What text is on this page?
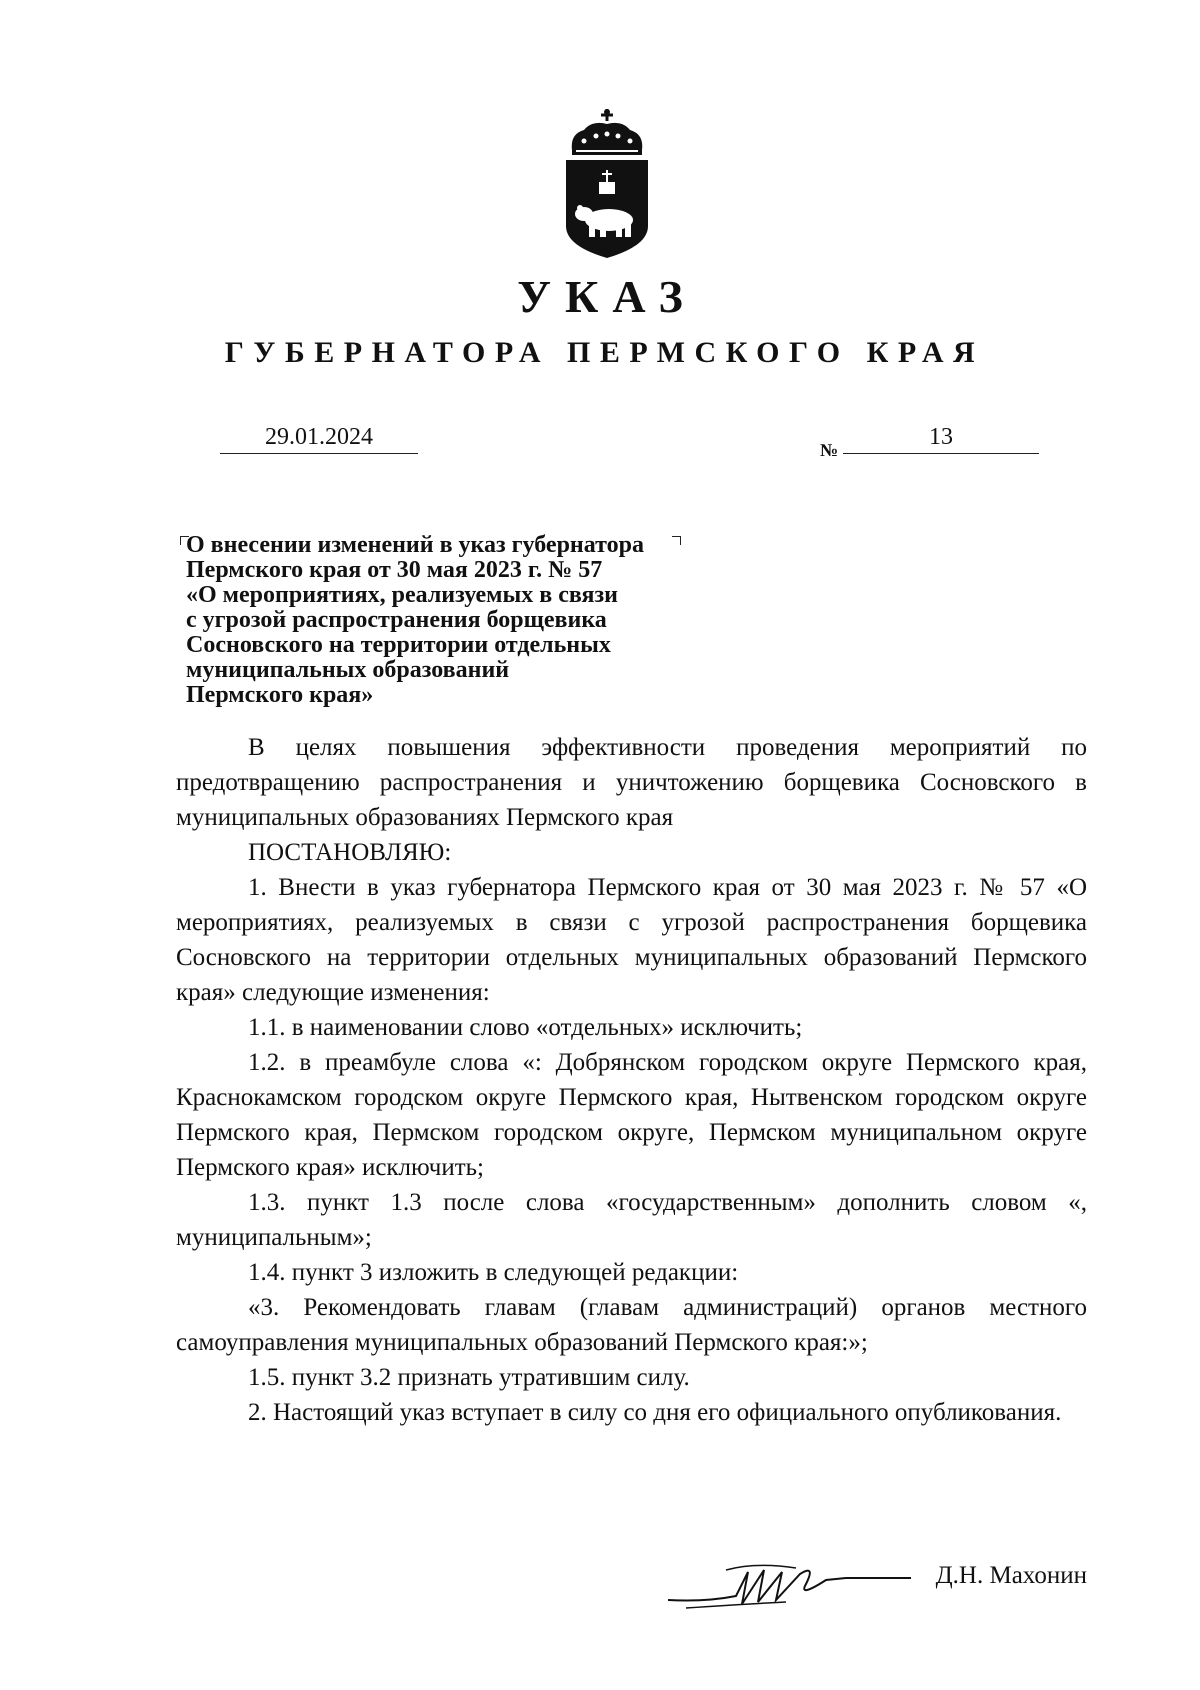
УКАЗ
ГУБЕРНАТОРА ПЕРМСКОГО КРАЯ
29.01.2024	№	13
О внесении изменений в указ губернатора
Пермского края от 30 мая 2023 г. № 57
«О мероприятиях, реализуемых в связи
с угрозой распространения борщевика
Сосновского на территории отдельных
муниципальных образований
Пермского края»

В целях повышения эффективности проведения мероприятий по предотвращению распространения и уничтожению борщевика Сосновского в муниципальных образованиях Пермского края

ПОСТАНОВЛЯЮ:

1. Внести в указ губернатора Пермского края от 30 мая 2023 г. № 57 «О мероприятиях, реализуемых в связи с угрозой распространения борщевика Сосновского на территории отдельных муниципальных образований Пермского края» следующие изменения:

1.1. в наименовании слово «отдельных» исключить;

1.2. в преамбуле слова «: Добрянском городском округе Пермского края, Краснокамском городском округе Пермского края, Нытвенском городском округе Пермского края, Пермском городском округе, Пермском муниципальном округе Пермского края» исключить;

1.3. пункт 1.3 после слова «государственным» дополнить словом «, муниципальным»;

1.4. пункт 3 изложить в следующей редакции:

«3. Рекомендовать главам (главам администраций) органов местного самоуправления муниципальных образований Пермского края:»;

1.5. пункт 3.2 признать утратившим силу.

2. Настоящий указ вступает в силу со дня его официального опубликования.

Д.Н. Махонин
